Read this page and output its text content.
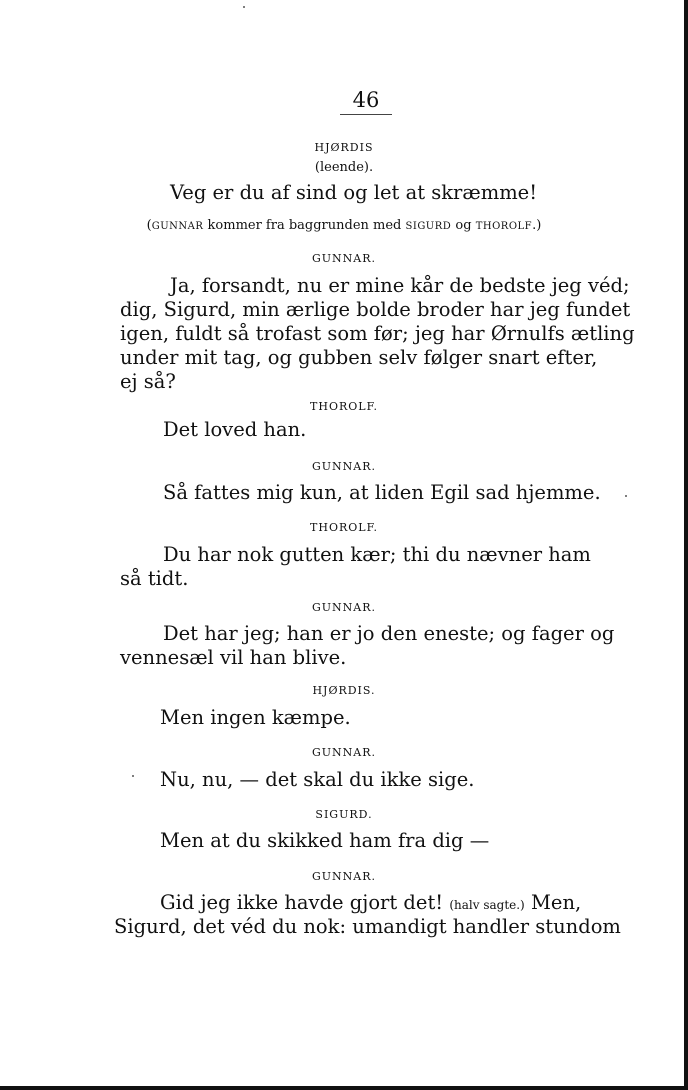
46
HJØRDIS
(leende).
Veg er du af sind og let at skræmme!
(GUNNAR kommer fra baggrunden med SIGURD og THOROLF.)
GUNNAR.
Ja, forsandt, nu er mine kår de bedste jeg véd;
dig, Sigurd, min ærlige bolde broder har jeg fundet
igen, fuldt så trofast som før; jeg har Ørnulfs ætling
under mit tag, og gubben selv følger snart efter,
ej så?
THOROLF.
Det loved han.
GUNNAR.
Så fattes mig kun, at liden Egil sad hjemme.
THOROLF.
Du har nok gutten kær; thi du nævner ham
så tidt.
GUNNAR.
Det har jeg; han er jo den eneste; og fager og
vennesæl vil han blive.
HJØRDIS.
Men ingen kæmpe.
GUNNAR.
Nu, nu, — det skal du ikke sige.
SIGURD.
Men at du skikked ham fra dig —
GUNNAR.
Gid jeg ikke havde gjort det! (halv sagte.) Men,
Sigurd, det véd du nok: umandigt handler stundom
